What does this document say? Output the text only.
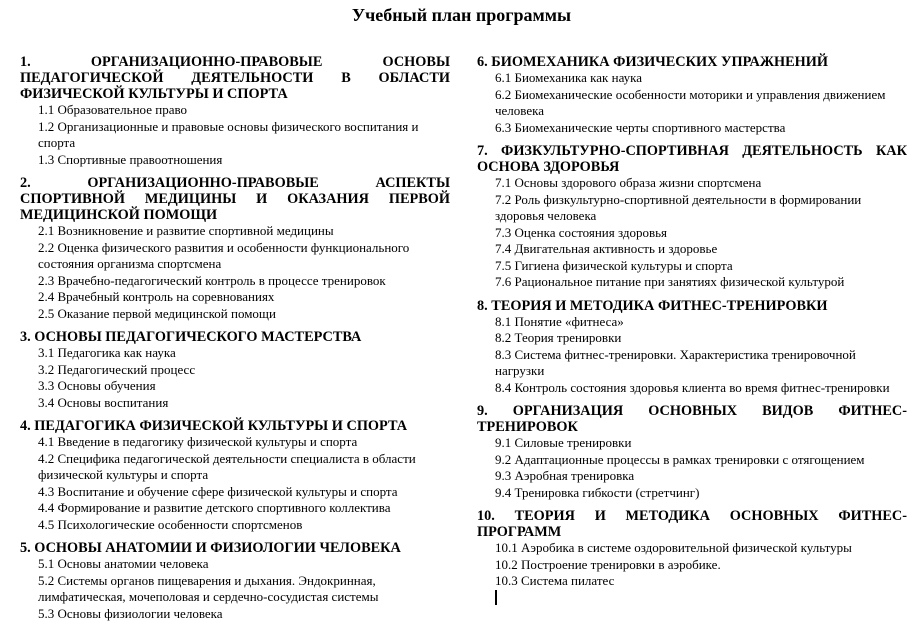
Учебный план программы
1. ОРГАНИЗАЦИОННО-ПРАВОВЫЕ ОСНОВЫ ПЕДАГОГИЧЕСКОЙ ДЕЯТЕЛЬНОСТИ В ОБЛАСТИ ФИЗИЧЕСКОЙ КУЛЬТУРЫ И СПОРТА
1.1 Образовательное право
1.2 Организационные и правовые основы физического воспитания и спорта
1.3 Спортивные правоотношения
2. ОРГАНИЗАЦИОННО-ПРАВОВЫЕ АСПЕКТЫ СПОРТИВНОЙ МЕДИЦИНЫ И ОКАЗАНИЯ ПЕРВОЙ МЕДИЦИНСКОЙ ПОМОЩИ
2.1 Возникновение и развитие спортивной медицины
2.2 Оценка физического развития и особенности функционального состояния организма спортсмена
2.3 Врачебно-педагогический контроль в процессе тренировок
2.4 Врачебный контроль на соревнованиях
2.5 Оказание первой медицинской помощи
3. ОСНОВЫ ПЕДАГОГИЧЕСКОГО МАСТЕРСТВА
3.1 Педагогика как наука
3.2 Педагогический процесс
3.3 Основы обучения
3.4 Основы воспитания
4. ПЕДАГОГИКА ФИЗИЧЕСКОЙ КУЛЬТУРЫ И СПОРТА
4.1 Введение в педагогику физической культуры и спорта
4.2 Специфика педагогической деятельности специалиста в области физической культуры и спорта
4.3 Воспитание и обучение сфере физической культуры и спорта
4.4 Формирование и развитие детского спортивного коллектива
4.5 Психологические особенности спортсменов
5. ОСНОВЫ АНАТОМИИ И ФИЗИОЛОГИИ ЧЕЛОВЕКА
5.1 Основы анатомии человека
5.2 Системы органов пищеварения и дыхания. Эндокринная, лимфатическая, мочеполовая и сердечно-сосудистая системы
5.3 Основы физиологии человека
6. БИОМЕХАНИКА ФИЗИЧЕСКИХ УПРАЖНЕНИЙ
6.1 Биомеханика как наука
6.2 Биомеханические особенности моторики и управления движением человека
6.3 Биомеханические черты спортивного мастерства
7. ФИЗКУЛЬТУРНО-СПОРТИВНАЯ ДЕЯТЕЛЬНОСТЬ КАК ОСНОВА ЗДОРОВЬЯ
7.1 Основы здорового образа жизни спортсмена
7.2 Роль физкультурно-спортивной деятельности в формировании здоровья человека
7.3 Оценка состояния здоровья
7.4 Двигательная активность и здоровье
7.5 Гигиена физической культуры и спорта
7.6 Рациональное питание при занятиях физической культурой
8. ТЕОРИЯ И МЕТОДИКА ФИТНЕС-ТРЕНИРОВКИ
8.1 Понятие «фитнеса»
8.2 Теория тренировки
8.3 Система фитнес-тренировки. Характеристика тренировочной нагрузки
8.4 Контроль состояния здоровья клиента во время фитнес-тренировки
9. ОРГАНИЗАЦИЯ ОСНОВНЫХ ВИДОВ ФИТНЕС-ТРЕНИРОВОК
9.1 Силовые тренировки
9.2 Адаптационные процессы в рамках тренировки с отягощением
9.3 Аэробная тренировка
9.4 Тренировка гибкости (стретчинг)
10. ТЕОРИЯ И МЕТОДИКА ОСНОВНЫХ ФИТНЕС-ПРОГРАММ
10.1 Аэробика в системе оздоровительной физической культуры
10.2 Построение тренировки в аэробике.
10.3 Система пилатес
